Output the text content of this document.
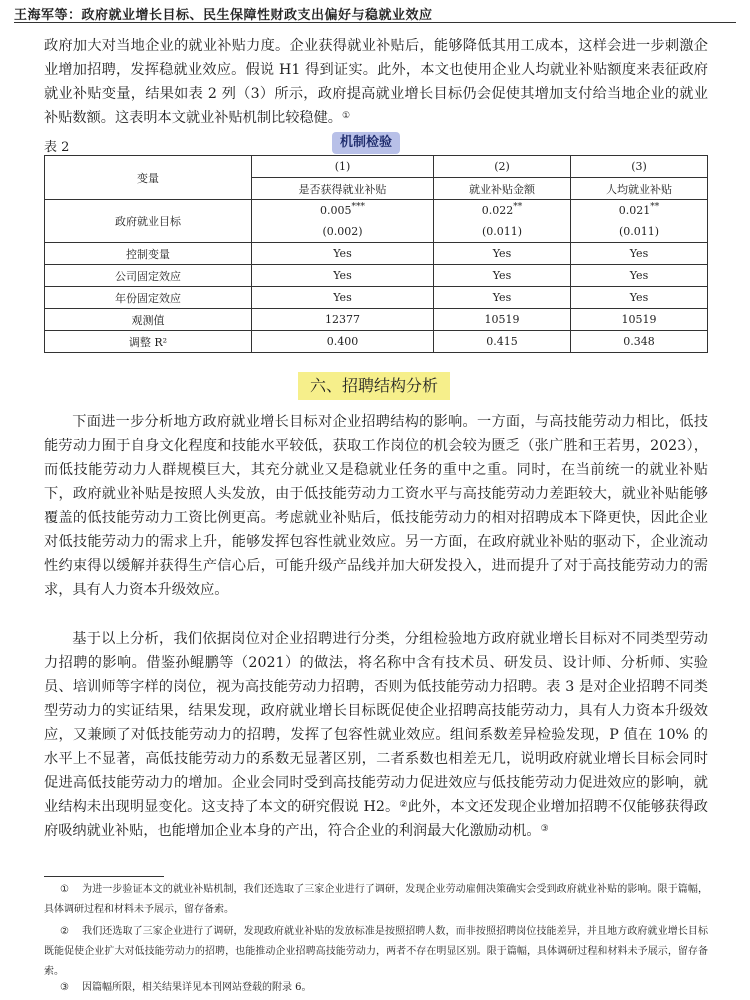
王海军等：政府就业增长目标、民生保障性财政支出偏好与稳就业效应

政府加大对当地企业的就业补贴力度。企业获得就业补贴后，能够降低其用工成本，这样会进一步刺激企业增加招聘，发挥稳就业效应。假说 H1 得到证实。此外，本文也使用企业人均就业补贴额度来表征政府就业补贴变量，结果如表 2 列（3）所示，政府提高就业增长目标仍会促使其增加支付给当地企业的就业补贴数额。这表明本文就业补贴机制比较稳健。①

表 2	机制检验
变量	(1)	(2)	(3)
	是否获得就业补贴	就业补贴金额	人均就业补贴
政府就业目标	0.005***	0.022**	0.021**
	(0.002)	(0.011)	(0.011)
控制变量	Yes	Yes	Yes
公司固定效应	Yes	Yes	Yes
年份固定效应	Yes	Yes	Yes
观测值	12377	10519	10519
调整 R²	0.400	0.415	0.348
六、招聘结构分析

下面进一步分析地方政府就业增长目标对企业招聘结构的影响。一方面，与高技能劳动力相比，低技能劳动力囿于自身文化程度和技能水平较低，获取工作岗位的机会较为匮乏（张广胜和王若男，2023），而低技能劳动力人群规模巨大，其充分就业又是稳就业任务的重中之重。同时，在当前统一的就业补贴下，政府就业补贴是按照人头发放，由于低技能劳动力工资水平与高技能劳动力差距较大，就业补贴能够覆盖的低技能劳动力工资比例更高。考虑就业补贴后，低技能劳动力的相对招聘成本下降更快，因此企业对低技能劳动力的需求上升，能够发挥包容性就业效应。另一方面，在政府就业补贴的驱动下，企业流动性约束得以缓解并获得生产信心后，可能升级产品线并加大研发投入，进而提升了对于高技能劳动力的需求，具有人力资本升级效应。

基于以上分析，我们依据岗位对企业招聘进行分类，分组检验地方政府就业增长目标对不同类型劳动力招聘的影响。借鉴孙鲲鹏等（2021）的做法，将名称中含有技术员、研发员、设计师、分析师、实验员、培训师等字样的岗位，视为高技能劳动力招聘，否则为低技能劳动力招聘。表 3 是对企业招聘不同类型劳动力的实证结果，结果发现，政府就业增长目标既促使企业招聘高技能劳动力，具有人力资本升级效应，又兼顾了对低技能劳动力的招聘，发挥了包容性就业效应。组间系数差异检验发现，P 值在 10% 的水平上不显著，高低技能劳动力的系数无显著区别，二者系数也相差无几，说明政府就业增长目标会同时促进高低技能劳动力的增加。企业会同时受到高技能劳动力促进效应与低技能劳动力促进效应的影响，就业结构未出现明显变化。这支持了本文的研究假说 H2。②此外，本文还发现企业增加招聘不仅能够获得政府吸纳就业补贴，也能增加企业本身的产出，符合企业的利润最大化激励动机。③

① 为进一步验证本文的就业补贴机制，我们还选取了三家企业进行了调研，发现企业劳动雇佣决策确实会受到政府就业补贴的影响。限于篇幅，具体调研过程和材料未予展示，留存备索。

② 我们还选取了三家企业进行了调研，发现政府就业补贴的发放标准是按照招聘人数，而非按照招聘岗位技能差异，并且地方政府就业增长目标既能促使企业扩大对低技能劳动力的招聘，也能推动企业招聘高技能劳动力，两者不存在明显区别。限于篇幅，具体调研过程和材料未予展示，留存备索。

③ 因篇幅所限，相关结果详见本刊网站登载的附录 6。
